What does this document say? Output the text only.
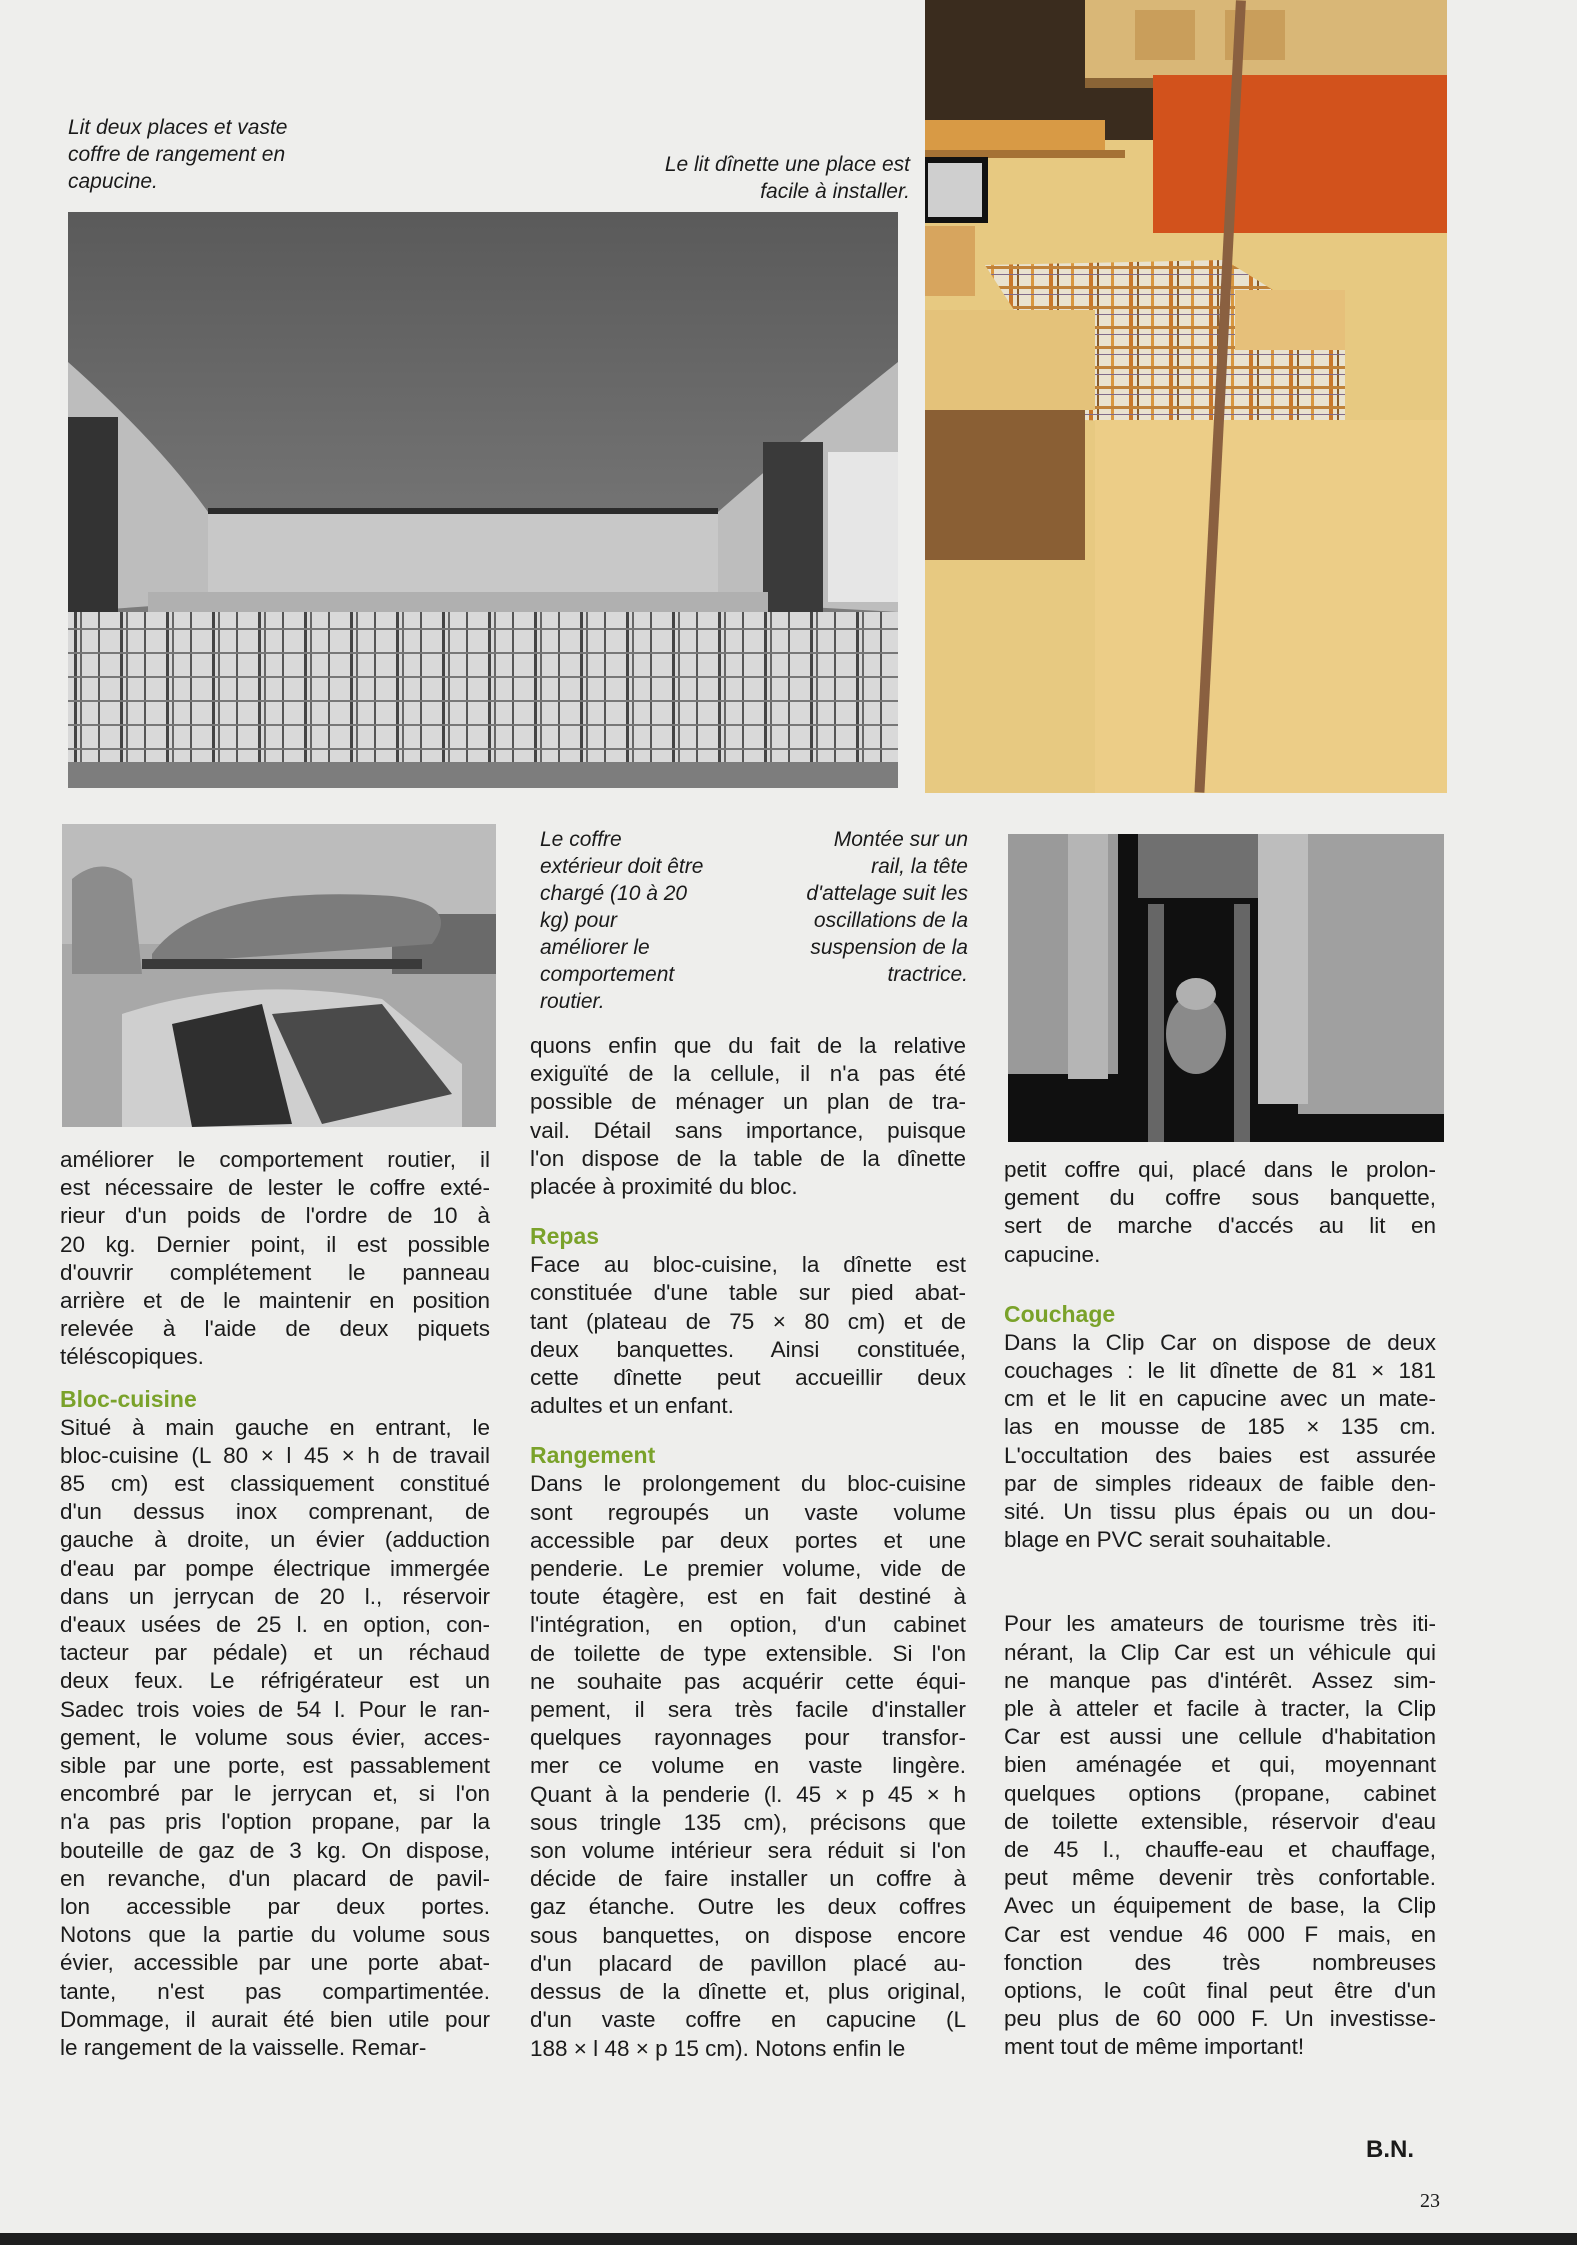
Lit deux places et vaste
coffre de rangement en
capucine.
Le lit dînette une place est
facile à installer.
Le coffre
extérieur doit être
chargé (10 à 20
kg) pour
améliorer le
comportement
routier.
Montée sur un
rail, la tête
d'attelage suit les
oscillations de la
suspension de la
tractrice.
améliorer le comportement routier, il
est nécessaire de lester le coffre exté-
rieur d'un poids de l'ordre de 10 à
20 kg. Dernier point, il est possible
d'ouvrir complétement le panneau
arrière et de le maintenir en position
relevée à l'aide de deux piquets
téléscopiques.
Bloc-cuisine
Situé à main gauche en entrant, le
bloc-cuisine (L 80 × l 45 × h de travail
85 cm) est classiquement constitué
d'un dessus inox comprenant, de
gauche à droite, un évier (adduction
d'eau par pompe électrique immergée
dans un jerrycan de 20 l., réservoir
d'eaux usées de 25 l. en option, con-
tacteur par pédale) et un réchaud
deux feux. Le réfrigérateur est un
Sadec trois voies de 54 l. Pour le ran-
gement, le volume sous évier, acces-
sible par une porte, est passablement
encombré par le jerrycan et, si l'on
n'a pas pris l'option propane, par la
bouteille de gaz de 3 kg. On dispose,
en revanche, d'un placard de pavil-
lon accessible par deux portes.
Notons que la partie du volume sous
évier, accessible par une porte abat-
tante, n'est pas compartimentée.
Dommage, il aurait été bien utile pour
le rangement de la vaisselle. Remar-
quons enfin que du fait de la relative
exiguïté de la cellule, il n'a pas été
possible de ménager un plan de tra-
vail. Détail sans importance, puisque
l'on dispose de la table de la dînette
placée à proximité du bloc.
Repas
Face au bloc-cuisine, la dînette est
constituée d'une table sur pied abat-
tant (plateau de 75 × 80 cm) et de
deux banquettes. Ainsi constituée,
cette dînette peut accueillir deux
adultes et un enfant.
Rangement
Dans le prolongement du bloc-cuisine
sont regroupés un vaste volume
accessible par deux portes et une
penderie. Le premier volume, vide de
toute étagère, est en fait destiné à
l'intégration, en option, d'un cabinet
de toilette de type extensible. Si l'on
ne souhaite pas acquérir cette équi-
pement, il sera très facile d'installer
quelques rayonnages pour transfor-
mer ce volume en vaste lingère.
Quant à la penderie (l. 45 × p 45 × h
sous tringle 135 cm), précisons que
son volume intérieur sera réduit si l'on
décide de faire installer un coffre à
gaz étanche. Outre les deux coffres
sous banquettes, on dispose encore
d'un placard de pavillon placé au-
dessus de la dînette et, plus original,
d'un vaste coffre en capucine (L
188 × l 48 × p 15 cm). Notons enfin le
petit coffre qui, placé dans le prolon-
gement du coffre sous banquette,
sert de marche d'accés au lit en
capucine.
Couchage
Dans la Clip Car on dispose de deux
couchages : le lit dînette de 81 × 181
cm et le lit en capucine avec un mate-
las en mousse de 185 × 135 cm.
L'occultation des baies est assurée
par de simples rideaux de faible den-
sité. Un tissu plus épais ou un dou-
blage en PVC serait souhaitable.
Pour les amateurs de tourisme très iti-
nérant, la Clip Car est un véhicule qui
ne manque pas d'intérêt. Assez sim-
ple à atteler et facile à tracter, la Clip
Car est aussi une cellule d'habitation
bien aménagée et qui, moyennant
quelques options (propane, cabinet
de toilette extensible, réservoir d'eau
de 45 l., chauffe-eau et chauffage,
peut même devenir très confortable.
Avec un équipement de base, la Clip
Car est vendue 46 000 F mais, en
fonction des très nombreuses
options, le coût final peut être d'un
peu plus de 60 000 F. Un investisse-
ment tout de même important!
B.N.
23
